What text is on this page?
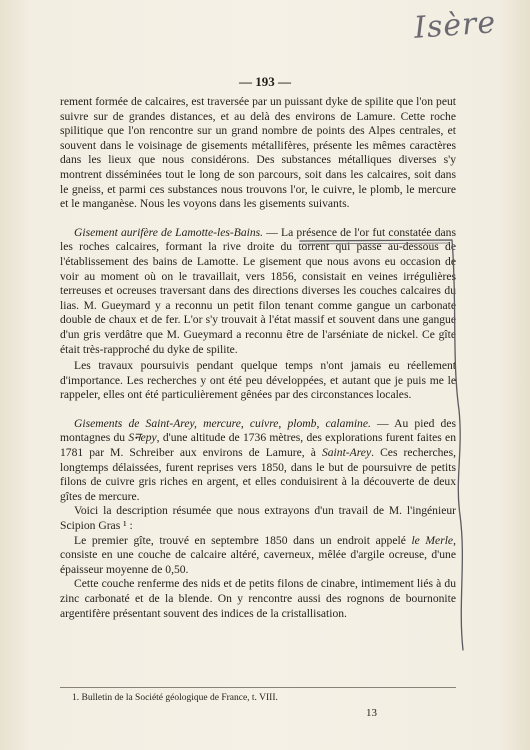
Isère
— 193 —

rement formée de calcaires, est traversée par un puissant dyke de spilite que l'on peut suivre sur de grandes distances, et au delà des environs de Lamure. Cette roche spilitique que l'on rencontre sur un grand nombre de points des Alpes centrales, et souvent dans le voisinage de gisements métallifères, présente les mêmes caractères dans les lieux que nous considérons. Des substances métalliques diverses s'y montrent disséminées tout le long de son parcours, soit dans les calcaires, soit dans le gneiss, et parmi ces substances nous trouvons l'or, le cuivre, le plomb, le mercure et le manganèse. Nous les voyons dans les gisements suivants.

Gisement aurifère de Lamotte-les-Bains. — La présence de l'or fut constatée dans les roches calcaires, formant la rive droite du torrent qui passe au-dessous de l'établissement des bains de Lamotte. Le gisement que nous avons eu occasion de voir au moment où on le travaillait, vers 1856, consistait en veines irrégulières terreuses et ocreuses traversant dans des directions diverses les couches calcaires du lias. M. Gueymard y a reconnu un petit filon tenant comme gangue un carbonate double de chaux et de fer. L'or s'y trouvait à l'état massif et souvent dans une gangue d'un gris verdâtre que M. Gueymard a reconnu être de l'arséniate de nickel. Ce gîte était très-rapproché du dyke de spilite.

Les travaux poursuivis pendant quelque temps n'ont jamais eu réellement d'importance. Les recherches y ont été peu développées, et autant que je puis me le rappeler, elles ont été particulièrement gênées par des circonstances locales.

Gisements de Saint-Arey, mercure, cuivre, plomb, calamine. — Au pied des montagnes du Sनepy, d'une altitude de 1736 mètres, des explorations furent faites en 1781 par M. Schreiber aux environs de Lamure, à Saint-Arey. Ces recherches, longtemps délaissées, furent reprises vers 1850, dans le but de poursuivre de petits filons de cuivre gris riches en argent, et elles conduisirent à la découverte de deux gîtes de mercure.

Voici la description résumée que nous extrayons d'un travail de M. l'ingénieur Scipion Gras ¹ :

Le premier gîte, trouvé en septembre 1850 dans un endroit appelé le Merle, consiste en une couche de calcaire altéré, caverneux, mêlée d'argile ocreuse, d'une épaisseur moyenne de 0,50.

Cette couche renferme des nids et de petits filons de cinabre, intimement liés à du zinc carbonaté et de la blende. On y rencontre aussi des rognons de bournonite argentifère présentant souvent des indices de la cristallisation.

1. Bulletin de la Société géologique de France, t. VIII.
13
